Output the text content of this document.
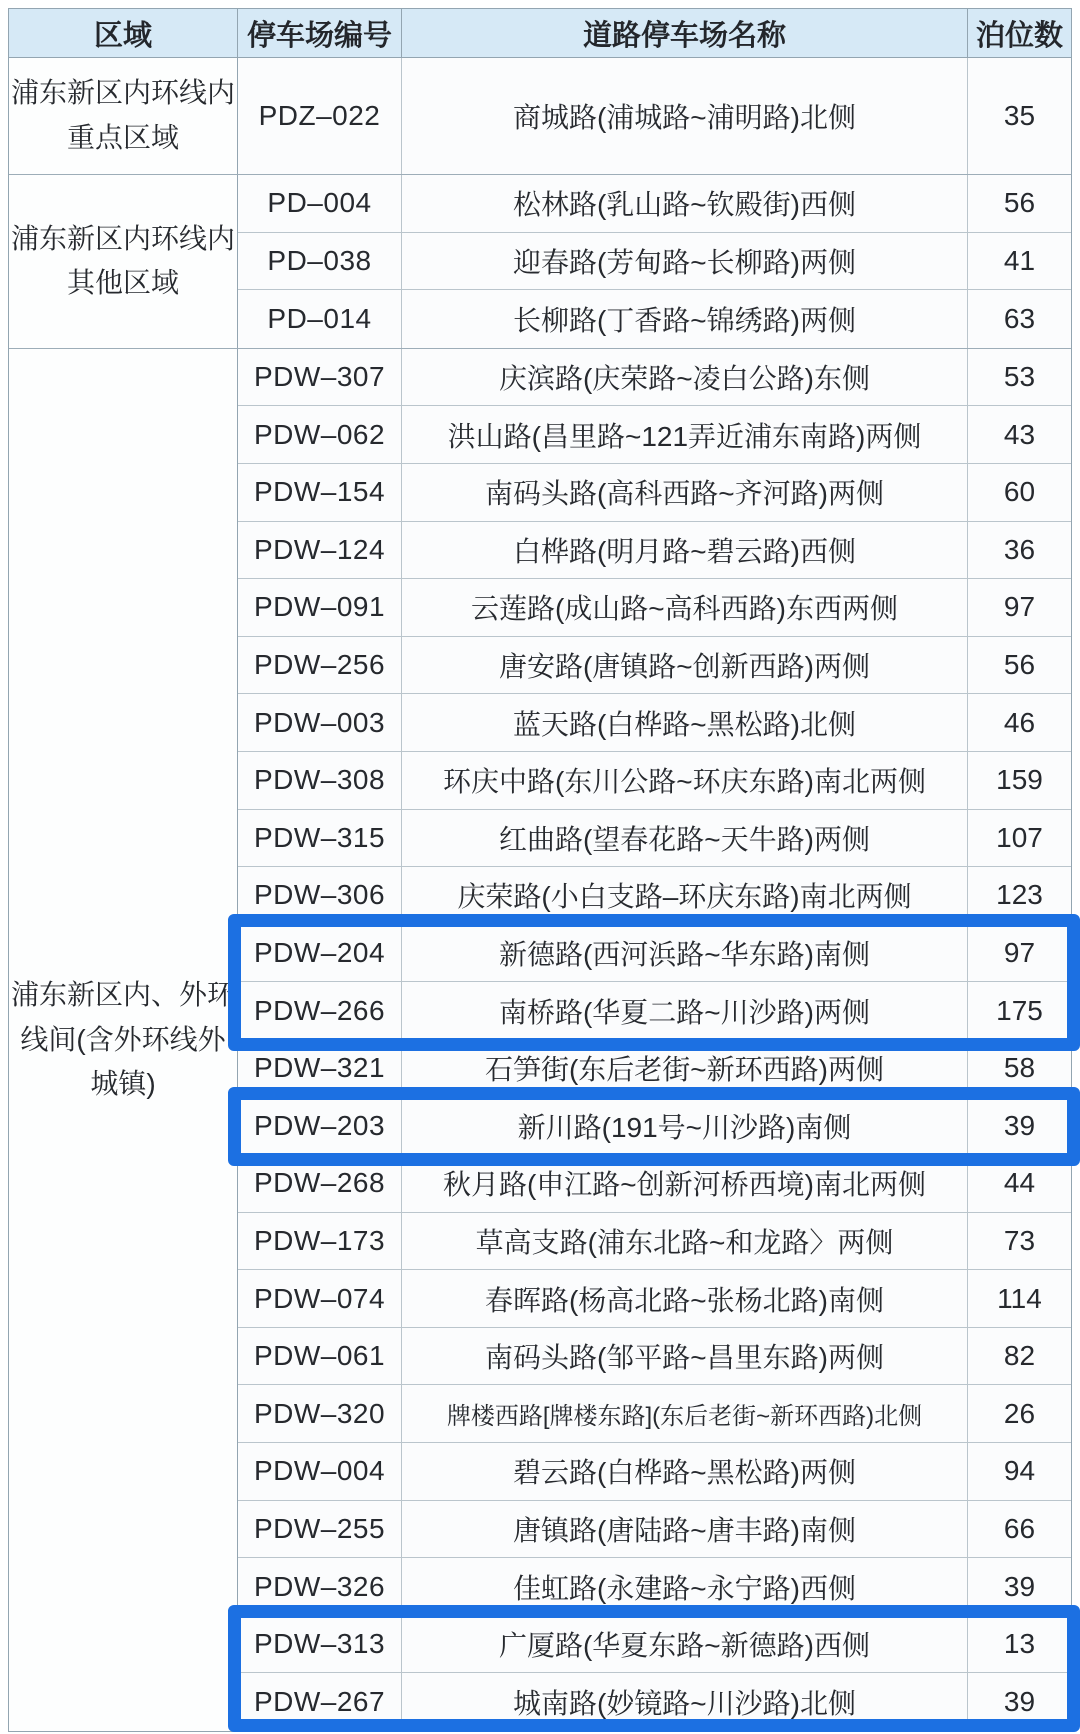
区域	停车场编号	道路停车场名称	泊位数
浦东新区内环线内重点区域
PDZ–022	商城路(浦城路~浦明路)北侧	35
浦东新区内环线内其他区域
PD–004	松林路(乳山路~钦殿街)西侧	56
PD–038	迎春路(芳甸路~长柳路)两侧	41
PD–014	长柳路(丁香路~锦绣路)两侧	63
浦东新区内、外环线间(含外环线外城镇)
PDW–307	庆滨路(庆荣路~凌白公路)东侧	53
PDW–062	洪山路(昌里路~121弄近浦东南路)两侧	43
PDW–154	南码头路(高科西路~齐河路)两侧	60
PDW–124	白桦路(明月路~碧云路)西侧	36
PDW–091	云莲路(成山路~高科西路)东西两侧	97
PDW–256	唐安路(唐镇路~创新西路)两侧	56
PDW–003	蓝天路(白桦路~黑松路)北侧	46
PDW–308	环庆中路(东川公路~环庆东路)南北两侧	159
PDW–315	红曲路(望春花路~天牛路)两侧	107
PDW–306	庆荣路(小白支路–环庆东路)南北两侧	123
PDW–204	新德路(西河浜路~华东路)南侧	97
PDW–266	南桥路(华夏二路~川沙路)两侧	175
PDW–321	石笋街(东后老街~新环西路)两侧	58
PDW–203	新川路(191号~川沙路)南侧	39
PDW–268	秋月路(申江路~创新河桥西境)南北两侧	44
PDW–173	草高支路(浦东北路~和龙路〉两侧	73
PDW–074	春晖路(杨高北路~张杨北路)南侧	114
PDW–061	南码头路(邹平路~昌里东路)两侧	82
PDW–320	牌楼西路[牌楼东路](东后老街~新环西路)北侧	26
PDW–004	碧云路(白桦路~黑松路)两侧	94
PDW–255	唐镇路(唐陆路~唐丰路)南侧	66
PDW–326	佳虹路(永建路~永宁路)西侧	39
PDW–313	广厦路(华夏东路~新德路)西侧	13
PDW–267	城南路(妙镜路~川沙路)北侧	39
